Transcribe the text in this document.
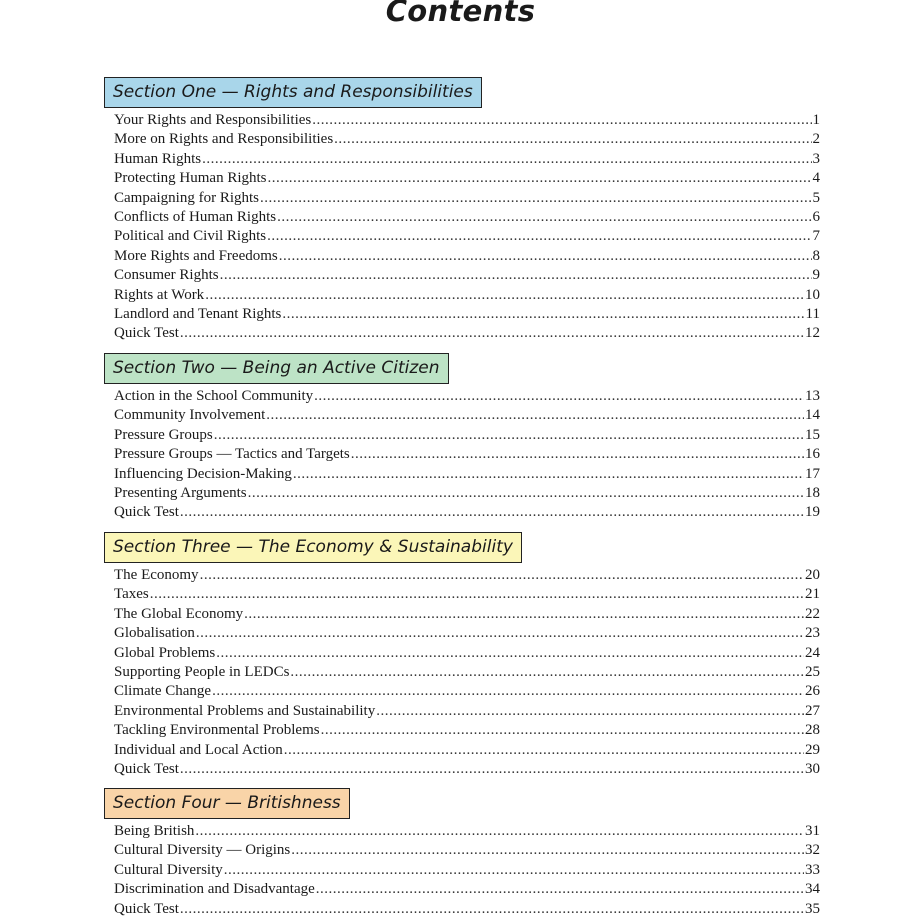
Contents
Section One — Rights and Responsibilities
Your Rights and Responsibilities .....	1
More on Rights and Responsibilities .....	2
Human Rights .....	3
Protecting Human Rights .....	4
Campaigning for Rights .....	5
Conflicts of Human Rights .....	6
Political and Civil Rights .....	7
More Rights and Freedoms .....	8
Consumer Rights .....	9
Rights at Work .....	10
Landlord and Tenant Rights .....	11
Quick Test .....	12
Section Two — Being an Active Citizen
Action in the School Community .....	13
Community Involvement .....	14
Pressure Groups .....	15
Pressure Groups — Tactics and Targets .....	16
Influencing Decision-Making .....	17
Presenting Arguments .....	18
Quick Test .....	19
Section Three — The Economy & Sustainability
The Economy .....	20
Taxes .....	21
The Global Economy .....	22
Globalisation .....	23
Global Problems .....	24
Supporting People in LEDCs .....	25
Climate Change .....	26
Environmental Problems and Sustainability .....	27
Tackling Environmental Problems .....	28
Individual and Local Action .....	29
Quick Test .....	30
Section Four — Britishness
Being British .....	31
Cultural Diversity — Origins .....	32
Cultural Diversity .....	33
Discrimination and Disadvantage .....	34
Quick Test .....	35
